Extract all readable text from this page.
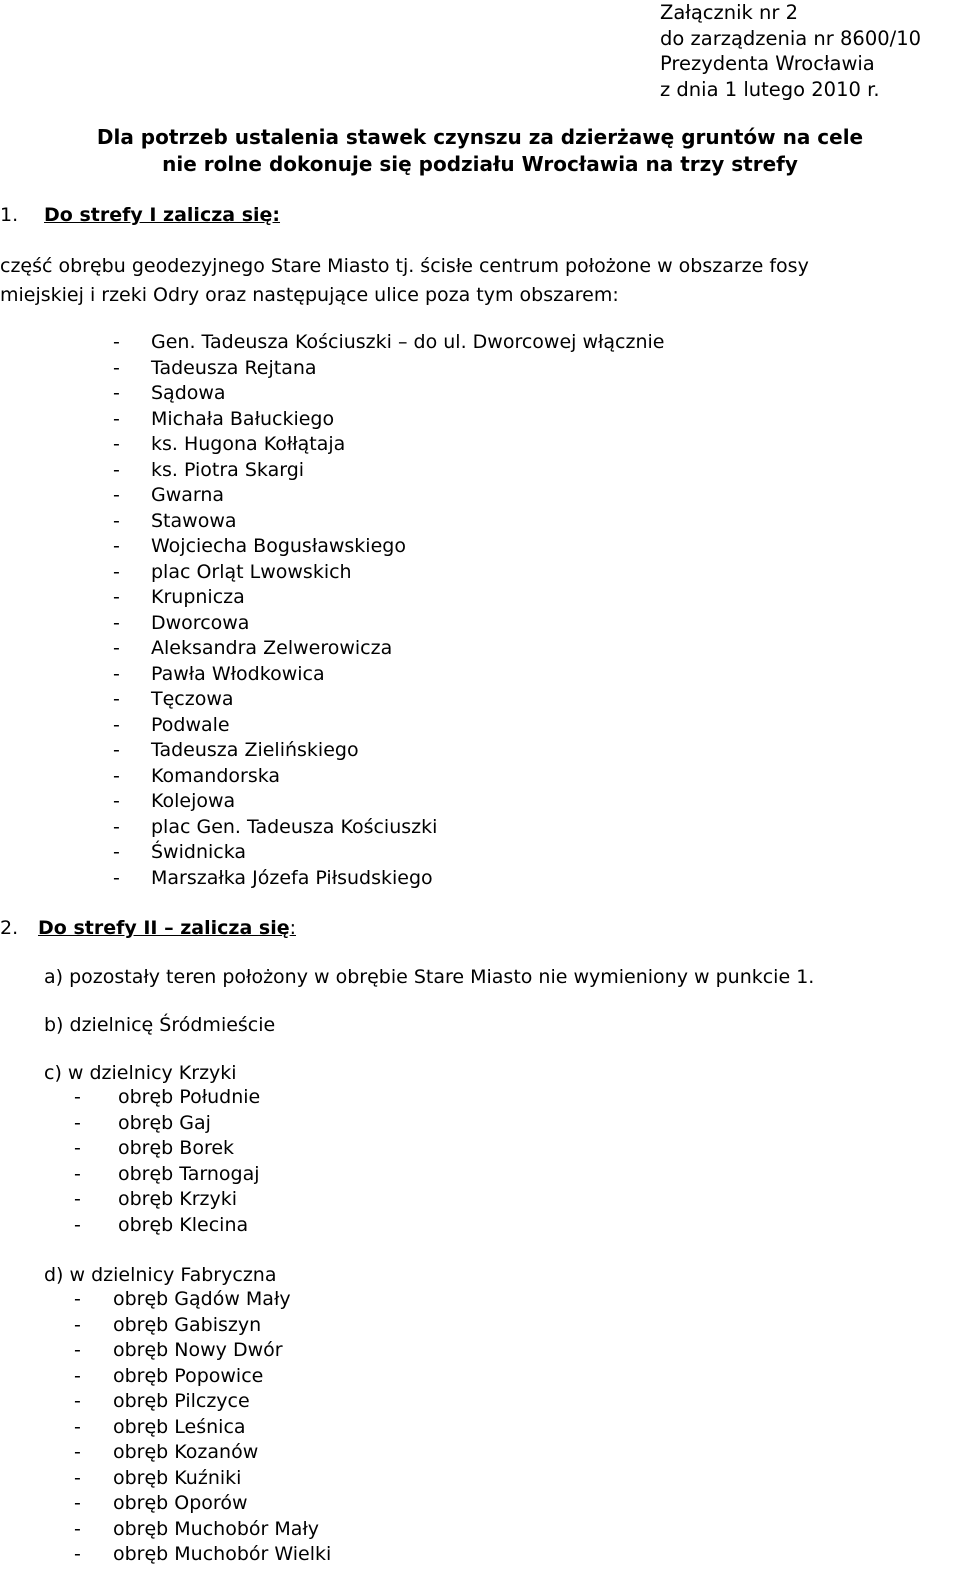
Załącznik nr 2
do zarządzenia nr 8600/10
Prezydenta Wrocławia
z dnia 1 lutego 2010 r.
Dla potrzeb ustalenia stawek czynszu za dzierżawę gruntów na cele
nie rolne dokonuje się podziału Wrocławia na trzy strefy
1. Do strefy I zalicza się:
część obrębu geodezyjnego Stare Miasto tj. ścisłe centrum położone w obszarze fosy
miejskiej i rzeki Odry oraz następujące ulice poza tym obszarem:
- Gen. Tadeusza Kościuszki – do ul. Dworcowej włącznie
- Tadeusza Rejtana
- Sądowa
- Michała Bałuckiego
- ks. Hugona Kołłątaja
- ks. Piotra Skargi
- Gwarna
- Stawowa
- Wojciecha Bogusławskiego
- plac Orląt Lwowskich
- Krupnicza
- Dworcowa
- Aleksandra Zelwerowicza
- Pawła Włodkowica
- Tęczowa
- Podwale
- Tadeusza Zielińskiego
- Komandorska
- Kolejowa
- plac Gen. Tadeusza Kościuszki
- Świdnicka
- Marszałka Józefa Piłsudskiego
2. Do strefy II – zalicza się:
a) pozostały teren położony w obrębie Stare Miasto nie wymieniony w punkcie 1.
b) dzielnicę Śródmieście
c) w dzielnicy Krzyki
- obręb Południe
- obręb Gaj
- obręb Borek
- obręb Tarnogaj
- obręb Krzyki
- obręb Klecina
d) w dzielnicy Fabryczna
- obręb Gądów Mały
- obręb Gabiszyn
- obręb Nowy Dwór
- obręb Popowice
- obręb Pilczyce
- obręb Leśnica
- obręb Kozanów
- obręb Kuźniki
- obręb Oporów
- obręb Muchobór Mały
- obręb Muchobór Wielki
